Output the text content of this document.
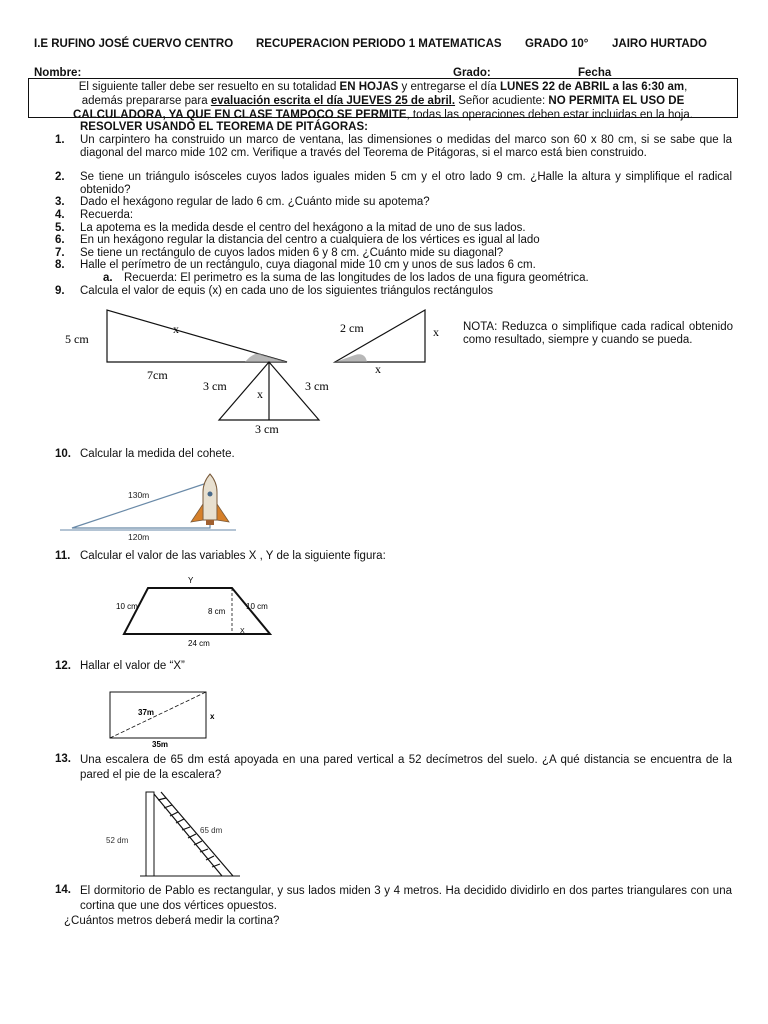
I.E RUFINO JOSÉ CUERVO CENTRO RECUPERACION PERIODO 1 MATEMATICAS GRADO 10° JAIRO HURTADO
Nombre:	Grado:	Fecha
El siguiente taller debe ser resuelto en su totalidad EN HOJAS y entregarse el día LUNES 22 de ABRIL a las 6:30 am,
además prepararse para evaluación escrita el día JUEVES 25 de abril. Señor acudiente: NO PERMITA EL USO DE
CALCULADORA, YA QUE EN CLASE TAMPOCO SE PERMITE, todas las operaciones deben estar incluidas en la hoja.
RESOLVER USANDO EL TEOREMA DE PITÁGORAS:
1. Un carpintero ha construido un marco de ventana, las dimensiones o medidas del marco son 60 x 80 cm, si se sabe que la diagonal del marco mide 102 cm. Verifique a través del Teorema de Pitágoras, si el marco está bien construido.
2. Se tiene un triángulo isósceles cuyos lados iguales miden 5 cm y el otro lado 9 cm. ¿Halle la altura y simplifique el radical obtenido?
3. Dado el hexágono regular de lado 6 cm. ¿Cuánto mide su apotema?
4. Recuerda:
5. La apotema es la medida desde el centro del hexágono a la mitad de uno de sus lados.
6. En un hexágono regular la distancia del centro a cualquiera de los vértices es igual al lado
7. Se tiene un rectángulo de cuyos lados miden 6 y 8 cm. ¿Cuánto mide su diagonal?
8. Halle el perímetro de un rectángulo, cuya diagonal mide 10 cm y unos de sus lados 6 cm.
a. Recuerda: El perimetro es la suma de las longitudes de los lados de una figura geométrica.
9. Calcula el valor de equis (x) en cada uno de los siguientes triángulos rectángulos
5 cm
7cm
x	2 cm	x
x
3 cm	3 cm
x
3 cm
NOTA: Reduzca o simplifique cada radical obtenido como resultado, siempre y cuando se pueda.
10. Calcular la medida del cohete.
130m
120m
11. Calcular el valor de las variables X , Y de la siguiente figura:
Y
10 cm	10 cm
8 cm
X
24 cm
12. Hallar el valor de “X”
37m	x
35m
13. Una escalera de 65 dm está apoyada en una pared vertical a 52 decímetros del suelo. ¿A qué distancia se encuentra de la pared el pie de la escalera?
52 dm
65 dm
14. El dormitorio de Pablo es rectangular, y sus lados miden 3 y 4 metros. Ha decidido dividirlo en dos partes triangulares con una cortina que une dos vértices opuestos.
¿Cuántos metros deberá medir la cortina?
